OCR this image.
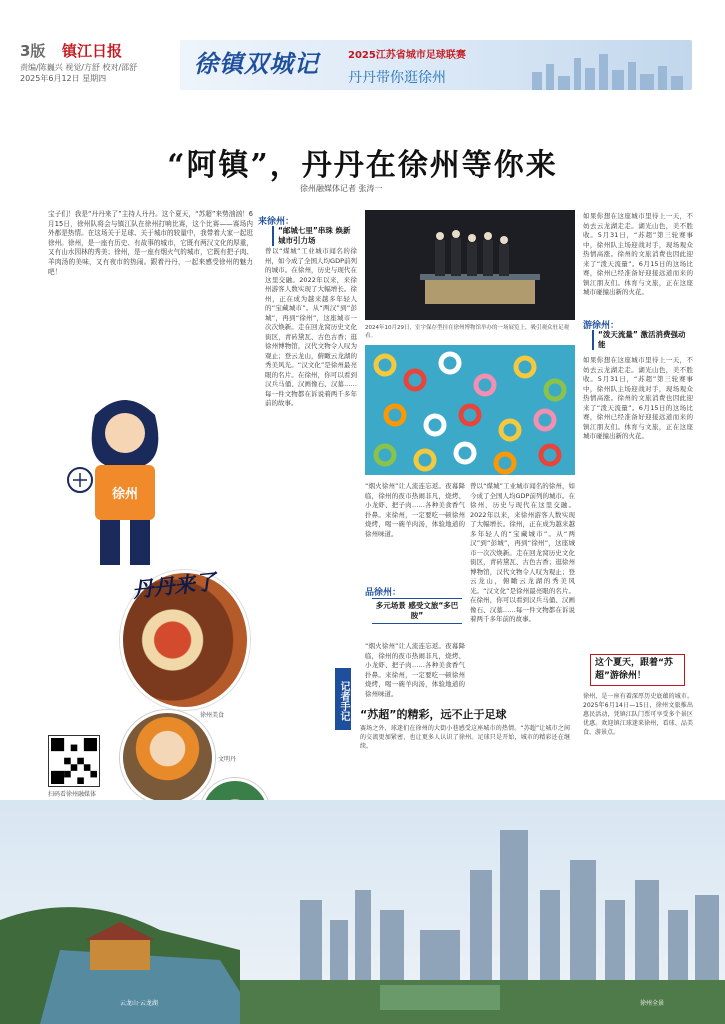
3版 镇江日报
责编/陈巍兴 视觉/方舒 校对/邵舒
2025年6月12日 星期四
徐镇双城记	2025江苏省城市足球联赛
丹丹带你逛徐州
“阿镇”，丹丹在徐州等你来
徐州融媒体记者 张涛一
宝子们！我是“丹丹来了”主持人丹丹。这个夏天，“苏超”来势汹汹！6月15日，徐州队将会与镇江队在徐州打响比赛，这个比赛——赛场内外都是热情。在这场关于足球、关于城市的较量中，我带着大家一起逛徐州。徐州，是一座有历史、有故事的城市，它既有两汉文化的厚重，又有山水园林的秀美；徐州，是一座有烟火气的城市，它既有把子肉、羊肉汤的美味，又有夜市的热闹。跟着丹丹，一起来感受徐州的魅力吧！
来徐州：
“邮城七里”串珠 焕新城市引力场
曾以“煤城”工业城市闻名的徐州，如今成了全国人均GDP前列的城市。在徐州，历史与现代在这里交融。2022年以来，来徐州游客人数实现了大幅增长。徐州，正在成为越来越多年轻人的“宝藏城市”。从“两汉”到“彭城”，再到“徐州”，这座城市一次次焕新。走在回龙窝历史文化街区，青砖黛瓦、古色古香；逛徐州博物馆，汉代文物令人叹为观止；登云龙山，俯瞰云龙湖的秀美风光。“汉文化”是徐州最亮眼的名片。在徐州，你可以看到汉兵马俑、汉画像石、汉墓……每一件文物都在诉说着两千多年前的故事。
2024年10月29日，室宇保存型挂在徐州博物馆举办的一场展览上，吸引观众驻足观看。
“烟火徐州”让人流连忘返。夜幕降临，徐州的夜市热闹非凡，烧烤、小龙虾、把子肉……各种美食香气扑鼻。来徐州，一定要吃一顿徐州烧烤，喝一碗羊肉汤，体验地道的徐州味道。
品徐州：
多元场景 感受文旅“多巴胺”
“烟火徐州”让人流连忘返。夜幕降临，徐州的夜市热闹非凡，烧烤、小龙虾、把子肉……各种美食香气扑鼻。来徐州，一定要吃一顿徐州烧烤，喝一碗羊肉汤，体验地道的徐州味道。
曾以“煤城”工业城市闻名的徐州，如今成了全国人均GDP前列的城市。在徐州，历史与现代在这里交融。2022年以来，来徐州游客人数实现了大幅增长。徐州，正在成为越来越多年轻人的“宝藏城市”。从“两汉”到“彭城”，再到“徐州”，这座城市一次次焕新。走在回龙窝历史文化街区，青砖黛瓦、古色古香；逛徐州博物馆，汉代文物令人叹为观止；登云龙山，俯瞰云龙湖的秀美风光。“汉文化”是徐州最亮眼的名片。在徐州，你可以看到汉兵马俑、汉画像石、汉墓……每一件文物都在诉说着两千多年前的故事。
如果你想在这座城市里待上一天，不妨去云龙湖走走。湖光山色，美不胜收。5月31日，“苏超”第三轮赛事中，徐州队主场迎战对手，现场观众热情高涨。徐州的文旅消费也因此迎来了“泼天流量”。6月15日的这场比赛，徐州已经准备好迎接远道而来的镇江朋友们。体育与文旅，正在这座城市碰撞出新的火花。
游徐州：
“泼天流量” 激活消费强动能
如果你想在这座城市里待上一天，不妨去云龙湖走走。湖光山色，美不胜收。5月31日，“苏超”第三轮赛事中，徐州队主场迎战对手，现场观众热情高涨。徐州的文旅消费也因此迎来了“泼天流量”。6月15日的这场比赛，徐州已经准备好迎接远道而来的镇江朋友们。体育与文旅，正在这座城市碰撞出新的火花。
这个夏天，跟着“苏超”游徐州！
徐州，是一座有着深厚历史底蕴的城市。2025年6月14日—15日，徐州文旅推出惠民活动，凭镇江队门票可享受多个景区优惠。欢迎镇江球迷来徐州，看球、品美食、游景点。
记者手记 “苏超”的精彩，远不止于足球
赛场之外，球迷们在徐州的大街小巷感受这座城市的热情。“苏超”让城市之间的交流更加紧密，也让更多人认识了徐州。足球只是开始，城市的精彩还在继续。
徐州
丹丹来了
徐州美食
文明丹
扫码看徐州融媒体
云龙山·云龙湖	徐州全景
